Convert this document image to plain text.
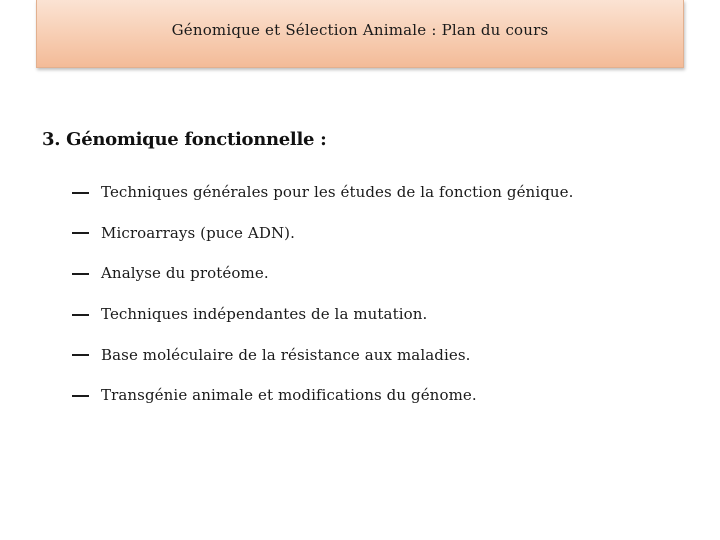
Génomique et Sélection Animale : Plan du cours
3. Génomique fonctionnelle :
Techniques générales pour les études de la fonction génique.
Microarrays (puce ADN).
Analyse du protéome.
Techniques indépendantes de la mutation.
Base moléculaire de la résistance aux maladies.
Transgénie animale et modifications du génome.
